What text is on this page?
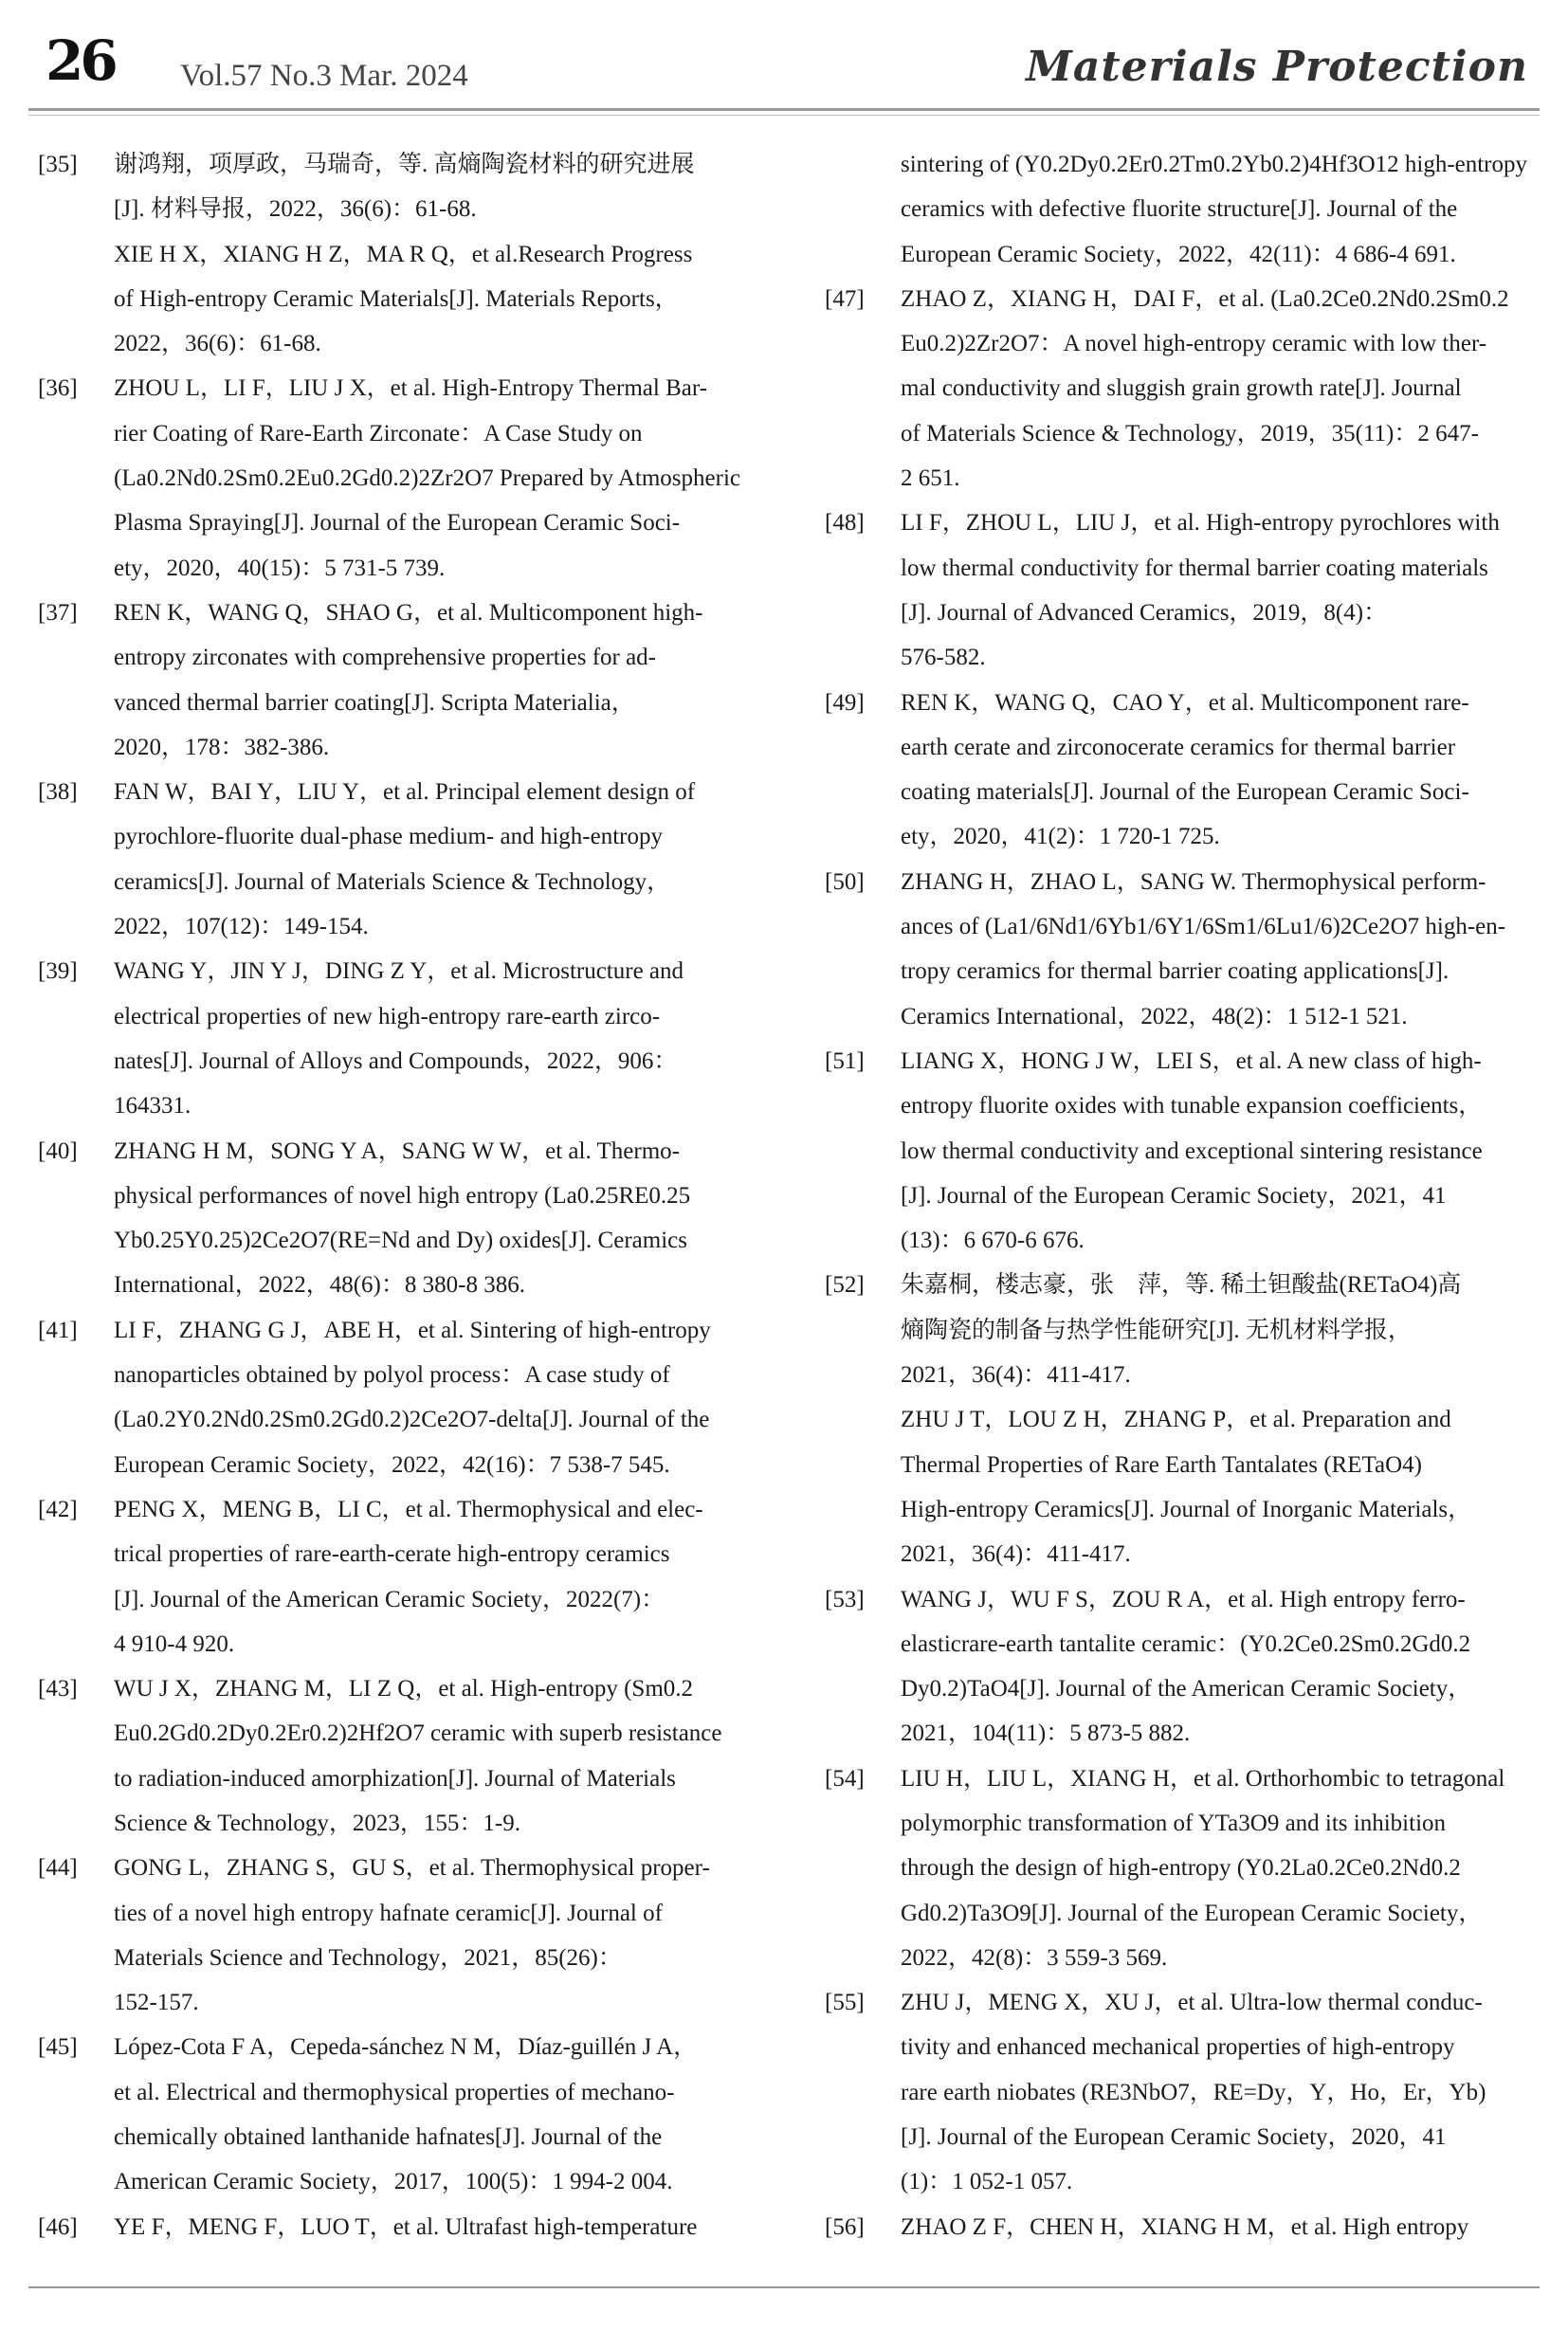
26 Vol.57 No.3 Mar. 2024	Materials Protection
[35]	谢鸿翔，项厚政，马瑞奇，等. 高熵陶瓷材料的研究进展
[J]. 材料导报，2022，36(6)：61-68.
XIE H X，XIANG H Z，MA R Q，et al.Research Progress
of High-entropy Ceramic Materials[J]. Materials Reports，
2022，36(6)：61-68.
[36]	ZHOU L，LI F，LIU J X，et al. High-Entropy Thermal Bar-
rier Coating of Rare-Earth Zirconate：A Case Study on
(La0.2Nd0.2Sm0.2Eu0.2Gd0.2)2Zr2O7 Prepared by Atmospheric
Plasma Spraying[J]. Journal of the European Ceramic Soci-
ety，2020，40(15)：5 731-5 739.
[37]	REN K，WANG Q，SHAO G，et al. Multicomponent high-
entropy zirconates with comprehensive properties for ad-
vanced thermal barrier coating[J]. Scripta Materialia，
2020，178：382-386.
[38]	FAN W，BAI Y，LIU Y，et al. Principal element design of
pyrochlore-fluorite dual-phase medium- and high-entropy
ceramics[J]. Journal of Materials Science & Technology，
2022，107(12)：149-154.
[39]	WANG Y，JIN Y J，DING Z Y，et al. Microstructure and
electrical properties of new high-entropy rare-earth zirco-
nates[J]. Journal of Alloys and Compounds，2022，906：
164331.
[40]	ZHANG H M，SONG Y A，SANG W W，et al. Thermo-
physical performances of novel high entropy (La0.25RE0.25
Yb0.25Y0.25)2Ce2O7(RE=Nd and Dy) oxides[J]. Ceramics
International，2022，48(6)：8 380-8 386.
[41]	LI F，ZHANG G J，ABE H，et al. Sintering of high-entropy
nanoparticles obtained by polyol process：A case study of
(La0.2Y0.2Nd0.2Sm0.2Gd0.2)2Ce2O7-delta[J]. Journal of the
European Ceramic Society，2022，42(16)：7 538-7 545.
[42]	PENG X，MENG B，LI C，et al. Thermophysical and elec-
trical properties of rare-earth-cerate high-entropy ceramics
[J]. Journal of the American Ceramic Society，2022(7)：
4 910-4 920.
[43]	WU J X，ZHANG M，LI Z Q，et al. High-entropy (Sm0.2
Eu0.2Gd0.2Dy0.2Er0.2)2Hf2O7 ceramic with superb resistance
to radiation-induced amorphization[J]. Journal of Materials
Science & Technology，2023，155：1-9.
[44]	GONG L，ZHANG S，GU S，et al. Thermophysical proper-
ties of a novel high entropy hafnate ceramic[J]. Journal of
Materials Science and Technology，2021，85(26)：
152-157.
[45]	López-Cota F A，Cepeda-sánchez N M，Díaz-guillén J A，
et al. Electrical and thermophysical properties of mechano-
chemically obtained lanthanide hafnates[J]. Journal of the
American Ceramic Society，2017，100(5)：1 994-2 004.
[46]	YE F，MENG F，LUO T，et al. Ultrafast high-temperature
sintering of (Y0.2Dy0.2Er0.2Tm0.2Yb0.2)4Hf3O12 high-entropy
ceramics with defective fluorite structure[J]. Journal of the
European Ceramic Society，2022，42(11)：4 686-4 691.
[47]	ZHAO Z，XIANG H，DAI F，et al. (La0.2Ce0.2Nd0.2Sm0.2
Eu0.2)2Zr2O7：A novel high-entropy ceramic with low ther-
mal conductivity and sluggish grain growth rate[J]. Journal
of Materials Science & Technology，2019，35(11)：2 647-
2 651.
[48]	LI F，ZHOU L，LIU J，et al. High-entropy pyrochlores with
low thermal conductivity for thermal barrier coating materials
[J]. Journal of Advanced Ceramics，2019，8(4)：
576-582.
[49]	REN K，WANG Q，CAO Y，et al. Multicomponent rare-
earth cerate and zirconocerate ceramics for thermal barrier
coating materials[J]. Journal of the European Ceramic Soci-
ety，2020，41(2)：1 720-1 725.
[50]	ZHANG H，ZHAO L，SANG W. Thermophysical perform-
ances of (La1/6Nd1/6Yb1/6Y1/6Sm1/6Lu1/6)2Ce2O7 high-en-
tropy ceramics for thermal barrier coating applications[J].
Ceramics International，2022，48(2)：1 512-1 521.
[51]	LIANG X，HONG J W，LEI S，et al. A new class of high-
entropy fluorite oxides with tunable expansion coefficients，
low thermal conductivity and exceptional sintering resistance
[J]. Journal of the European Ceramic Society，2021，41
(13)：6 670-6 676.
[52]	朱嘉桐，楼志豪，张　萍，等. 稀土钽酸盐(RETaO4)高
熵陶瓷的制备与热学性能研究[J]. 无机材料学报，
2021，36(4)：411-417.
ZHU J T，LOU Z H，ZHANG P，et al. Preparation and
Thermal Properties of Rare Earth Tantalates (RETaO4)
High-entropy Ceramics[J]. Journal of Inorganic Materials，
2021，36(4)：411-417.
[53]	WANG J，WU F S，ZOU R A，et al. High entropy ferro-
elasticrare-earth tantalite ceramic：(Y0.2Ce0.2Sm0.2Gd0.2
Dy0.2)TaO4[J]. Journal of the American Ceramic Society，
2021，104(11)：5 873-5 882.
[54]	LIU H，LIU L，XIANG H，et al. Orthorhombic to tetragonal
polymorphic transformation of YTa3O9 and its inhibition
through the design of high-entropy (Y0.2La0.2Ce0.2Nd0.2
Gd0.2)Ta3O9[J]. Journal of the European Ceramic Society，
2022，42(8)：3 559-3 569.
[55]	ZHU J，MENG X，XU J，et al. Ultra-low thermal conduc-
tivity and enhanced mechanical properties of high-entropy
rare earth niobates (RE3NbO7，RE=Dy，Y，Ho，Er，Yb)
[J]. Journal of the European Ceramic Society，2020，41
(1)：1 052-1 057.
[56]	ZHAO Z F，CHEN H，XIANG H M，et al. High entropy
